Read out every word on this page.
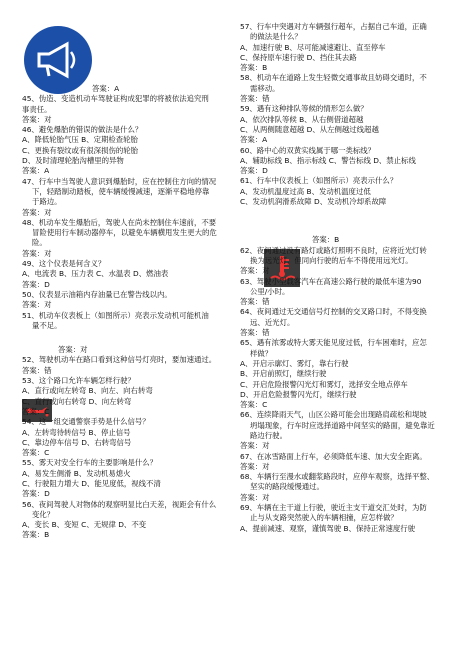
答案：A
45、伪造、变造机动车驾驶证构成犯罪的将被依法追究刑
事责任。
答案：对
46、避免爆胎的错误的做法是什么？
A、降低轮胎气压 B、定期检查轮胎
C、更换有裂纹或有很深损伤的轮胎
D、及时清理轮胎沟槽里的异物
答案：A
47、行车中当驾驶人意识到爆胎时，应在控制住方向的情况
下，轻踏制动踏板，使车辆缓慢减速，逐渐平稳地停靠
于路边。
答案：对
48、机动车发生爆胎后，驾驶人在尚未控制住车速前，不要
冒险使用行车制动器停车，以避免车辆横甩发生更大的危
险。
答案：对
49、这个仪表是何含义？
A、电流表 B、压力表 C、水温表 D、燃油表
答案：D
50、仪表显示油箱内存油量已在警告线以内。
答案：对
51、机动车仪表板上（如图所示）亮表示发动机可能机油
量不足。
答案：对
52、驾驶机动车在路口看到这种信号灯亮时，要加速通过。
答案：错
53、这个路口允许车辆怎样行驶？
A、直行或向左转弯 B、向左、向右转弯
C、直行或向右转弯 D、向左转弯
答案：C
54、这一组交通警察手势是什么信号？
A、左转弯待转信号 B、停止信号
C、靠边停车信号 D、右转弯信号
答案：C
55、雾天对安全行车的主要影响是什么？
A、易发生侧滑 B、发动机易熄火
C、行驶阻力增大 D、能见度低，视线不清
答案：D
56、夜间驾驶人对物体的观察明显比白天差，视距会有什么
变化？
A、变长 B、变短 C、无规律 D、不变
答案：B
57、行车中突遇对方车辆强行超车，占据自己车道，正确
的做法是什么？
A、加速行驶 B、尽可能减速避让、直至停车
C、保持原车速行驶 D、挡住其去路
答案：B
58、机动车在道路上发生轻微交通事故且妨碍交通时，不
需移动。
答案：错
59、遇有这种排队等候的情形怎么做？
A、依次排队等候 B、从右侧借道超越
C、从两侧随意超越 D、从左侧越过线超越
答案：A
60、路中心的双黄实线属于哪一类标线？
A、辅助标线 B、指示标线 C、警告标线 D、禁止标线
答案：D
61、行车中仪表板上（如图所示）亮表示什么？
A、发动机温度过高 B、发动机温度过低
C、发动机润滑系故障 D、发动机冷却系故障
答案：B
62、夜间通过没有路灯或路灯照明不良时，应将近光灯转
换为远光灯，但同向行驶的后车不得使用远光灯。
答案：对
63、驾驶小型载客汽车在高速公路行驶的最低车速为90
公里/小时。
答案：错
64、夜间通过无交通信号灯控制的交叉路口时，不得变换
远、近光灯。
答案：错
65、遇有浓雾或特大雾天能见度过低，行车困难时，应怎
样做？
A、开启示廓灯、雾灯，靠右行驶
B、开启前照灯，继续行驶
C、开启危险报警闪光灯和雾灯，选择安全地点停车
D、开启危险报警闪光灯，继续行驶
答案：C
66、连续降雨天气，山区公路可能会出现路肩疏松和堤坡
坍塌现象，行车时应选择道路中间坚实的路面，避免靠近
路边行驶。
答案：对
67、在冰雪路面上行车，必须降低车速、加大安全距离。
答案：对
68、车辆行至漫水或翻浆路段时，应停车观察，选择平整、
坚实的路段缓慢通过。
答案：对
69、车辆在主干道上行驶，驶近主支干道交汇处时，为防
止与从支路突然驶入的车辆相撞，应怎样做？
A、提前减速、观察，谨慎驾驶 B、保持正常速度行驶
